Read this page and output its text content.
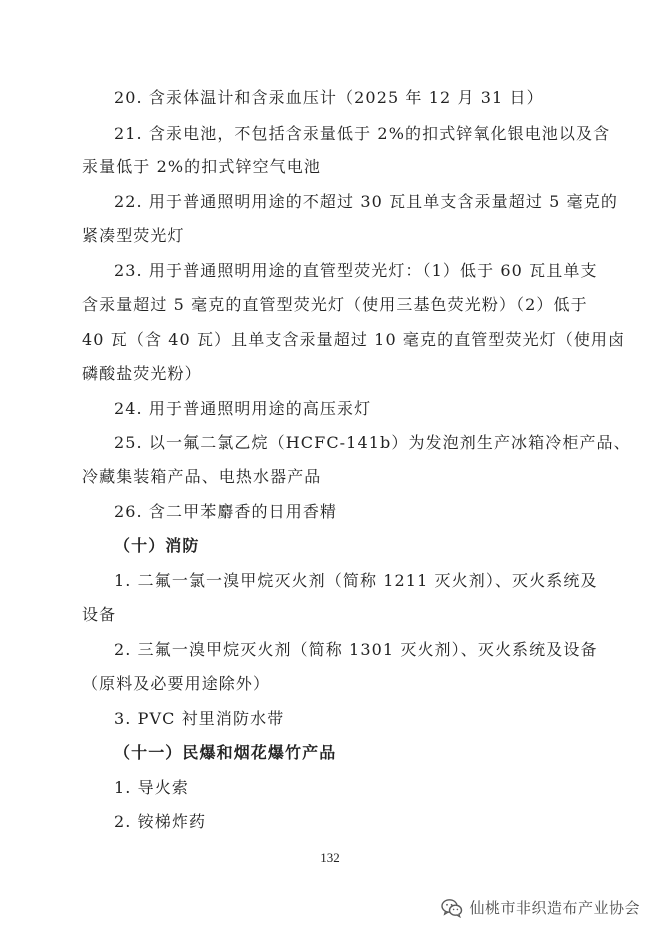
20. 含汞体温计和含汞血压计（2025 年 12 月 31 日）
21. 含汞电池，不包括含汞量低于 2%的扣式锌氧化银电池以及含
汞量低于 2%的扣式锌空气电池
22. 用于普通照明用途的不超过 30 瓦且单支含汞量超过 5 毫克的
紧凑型荧光灯
23. 用于普通照明用途的直管型荧光灯：（1）低于 60 瓦且单支
含汞量超过 5 毫克的直管型荧光灯（使用三基色荧光粉）（2）低于
40 瓦（含 40 瓦）且单支含汞量超过 10 毫克的直管型荧光灯（使用卤
磷酸盐荧光粉）
24. 用于普通照明用途的高压汞灯
25. 以一氟二氯乙烷（HCFC-141b）为发泡剂生产冰箱冷柜产品、
冷藏集装箱产品、电热水器产品
26. 含二甲苯麝香的日用香精
（十）消防
1. 二氟一氯一溴甲烷灭火剂（简称 1211 灭火剂）、灭火系统及
设备
2. 三氟一溴甲烷灭火剂（简称 1301 灭火剂）、灭火系统及设备
（原料及必要用途除外）
3. PVC 衬里消防水带
（十一）民爆和烟花爆竹产品
1. 导火索
2. 铵梯炸药
132
仙桃市非织造布产业协会
